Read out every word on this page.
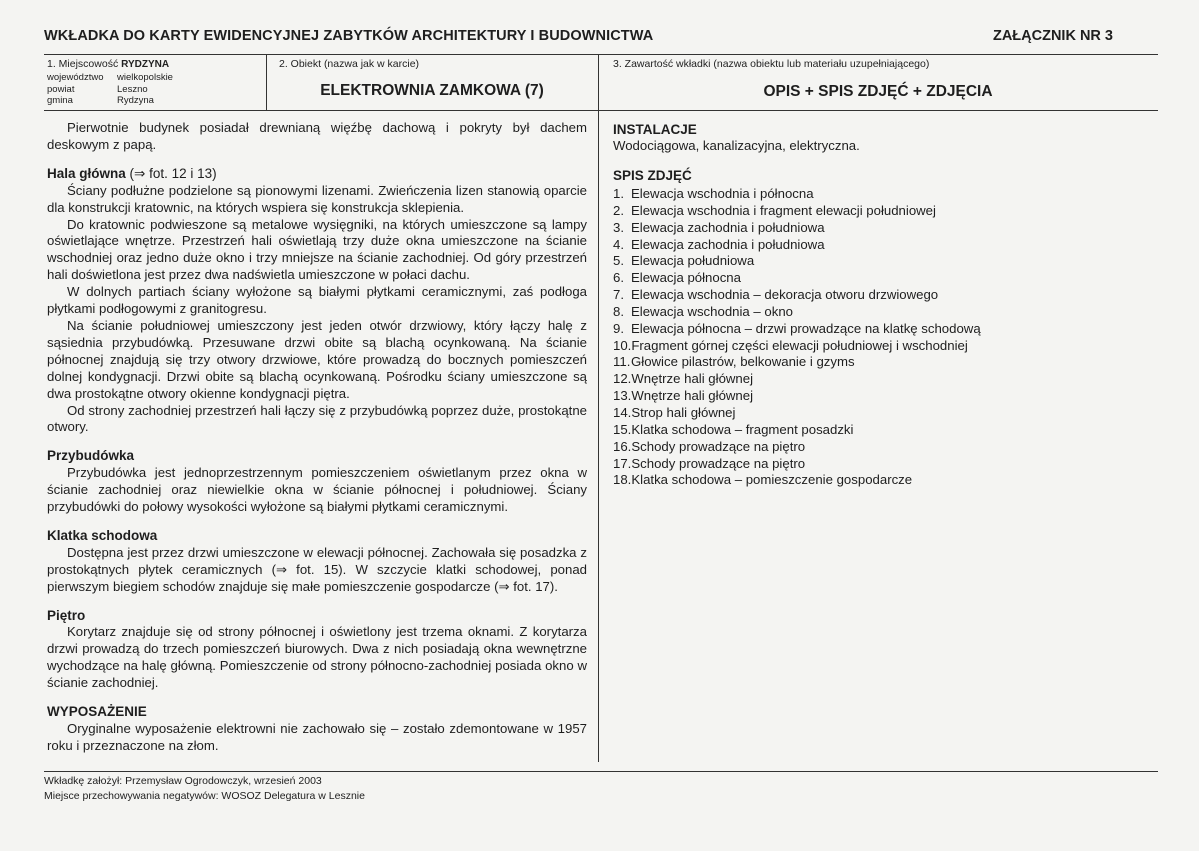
WKŁADKA DO KARTY EWIDENCYJNEJ ZABYTKÓW ARCHITEKTURY I BUDOWNICTWA	ZAŁĄCZNIK NR 3
1. Miejscowość RYDZYNA
województwo	wielkopolskie
powiat	Leszno
gmina	Rydzyna
2. Obiekt (nazwa jak w karcie)
ELEKTROWNIA ZAMKOWA (7)
3. Zawartość wkładki (nazwa obiektu lub materiału uzupełniającego)
OPIS + SPIS ZDJĘĆ + ZDJĘCIA

Pierwotnie budynek posiadał drewnianą więźbę dachową i pokryty był dachem deskowym z papą.

Hala główna (⇒ fot. 12 i 13)

Ściany podłużne podzielone są pionowymi lizenami. Zwieńczenia lizen stanowią oparcie dla konstrukcji kratownic, na których wspiera się konstrukcja sklepienia.

Do kratownic podwieszone są metalowe wysięgniki, na których umieszczone są lampy oświetlające wnętrze. Przestrzeń hali oświetlają trzy duże okna umieszczone na ścianie wschodniej oraz jedno duże okno i trzy mniejsze na ścianie zachodniej. Od góry przestrzeń hali doświetlona jest przez dwa nadświetla umieszczone w połaci dachu.

W dolnych partiach ściany wyłożone są białymi płytkami ceramicznymi, zaś podłoga płytkami podłogowymi z granitogresu.

Na ścianie południowej umieszczony jest jeden otwór drzwiowy, który łączy halę z sąsiednia przybudówką. Przesuwane drzwi obite są blachą ocynkowaną. Na ścianie północnej znajdują się trzy otwory drzwiowe, które prowadzą do bocznych pomieszczeń dolnej kondygnacji. Drzwi obite są blachą ocynkowaną. Pośrodku ściany umieszczone są dwa prostokątne otwory okienne kondygnacji piętra.

Od strony zachodniej przestrzeń hali łączy się z przybudówką poprzez duże, prostokątne otwory.

Przybudówka

Przybudówka jest jednoprzestrzennym pomieszczeniem oświetlanym przez okna w ścianie zachodniej oraz niewielkie okna w ścianie północnej i południowej. Ściany przybudówki do połowy wysokości wyłożone są białymi płytkami ceramicznymi.

Klatka schodowa

Dostępna jest przez drzwi umieszczone w elewacji północnej. Zachowała się posadzka z prostokątnych płytek ceramicznych (⇒ fot. 15). W szczycie klatki schodowej, ponad pierwszym biegiem schodów znajduje się małe pomieszczenie gospodarcze (⇒ fot. 17).

Piętro

Korytarz znajduje się od strony północnej i oświetlony jest trzema oknami. Z korytarza drzwi prowadzą do trzech pomieszczeń biurowych. Dwa z nich posiadają okna wewnętrzne wychodzące na halę główną. Pomieszczenie od strony północno-zachodniej posiada okno w ścianie zachodniej.

WYPOSAŻENIE

Oryginalne wyposażenie elektrowni nie zachowało się – zostało zdemontowane w 1957 roku i przeznaczone na złom.

INSTALACJE
Wodociągowa, kanalizacyjna, elektryczna.
SPIS ZDJĘĆ
1. Elewacja wschodnia i północna
2. Elewacja wschodnia i fragment elewacji południowej
3. Elewacja zachodnia i południowa
4. Elewacja zachodnia i południowa
5. Elewacja południowa
6. Elewacja północna
7. Elewacja wschodnia – dekoracja otworu drzwiowego
8. Elewacja wschodnia – okno
9. Elewacja północna – drzwi prowadzące na klatkę schodową
10.Fragment górnej części elewacji południowej i wschodniej
11.Głowice pilastrów, belkowanie i gzyms
12.Wnętrze hali głównej
13.Wnętrze hali głównej
14.Strop hali głównej
15.Klatka schodowa – fragment posadzki
16.Schody prowadzące na piętro
17.Schody prowadzące na piętro
18.Klatka schodowa – pomieszczenie gospodarcze
Wkładkę założył: Przemysław Ogrodowczyk, wrzesień 2003
Miejsce przechowywania negatywów: WOSOZ Delegatura w Lesznie
